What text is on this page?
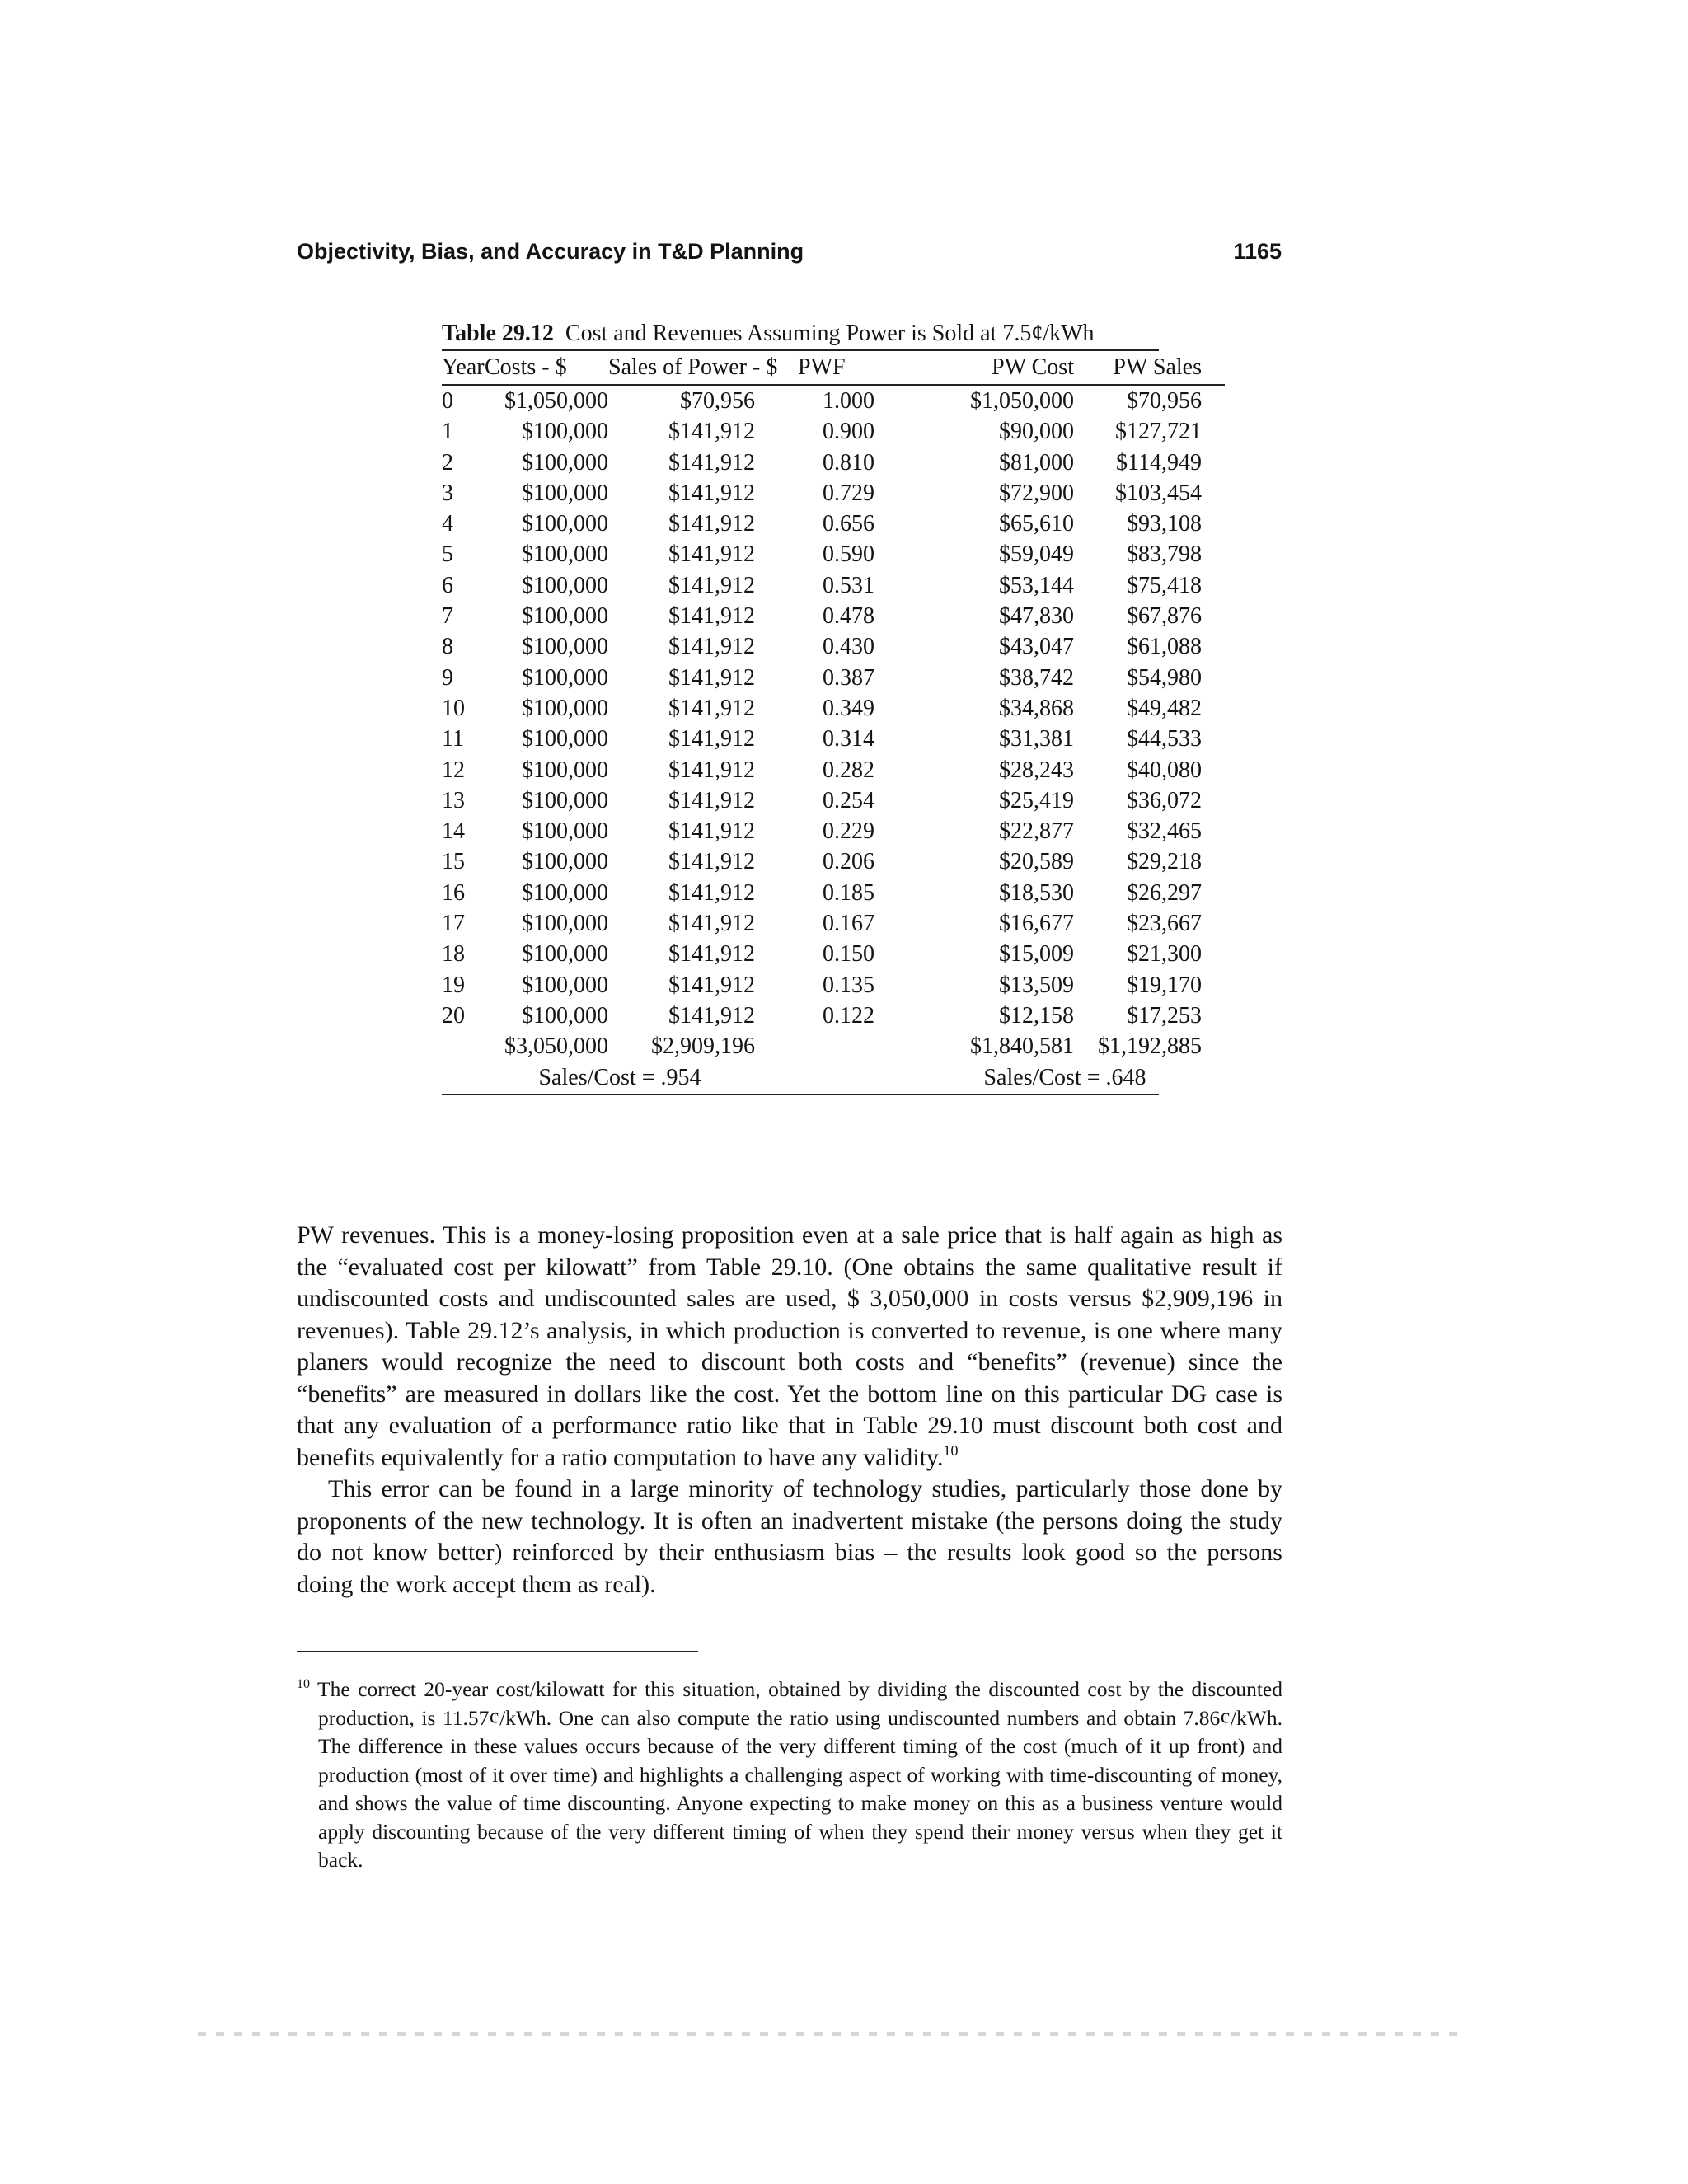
Objectivity, Bias, and Accuracy in T&D Planning	1165
Table 29.12 Cost and Revenues Assuming Power is Sold at 7.5¢/kWh
Year	Costs - $	Sales of Power - $	PWF	PW Cost	PW Sales

0	$1,050,000	$70,956	1.000	$1,050,000	$70,956
1	$100,000	$141,912	0.900	$90,000	$127,721
2	$100,000	$141,912	0.810	$81,000	$114,949
3	$100,000	$141,912	0.729	$72,900	$103,454
4	$100,000	$141,912	0.656	$65,610	$93,108
5	$100,000	$141,912	0.590	$59,049	$83,798
6	$100,000	$141,912	0.531	$53,144	$75,418
7	$100,000	$141,912	0.478	$47,830	$67,876
8	$100,000	$141,912	0.430	$43,047	$61,088
9	$100,000	$141,912	0.387	$38,742	$54,980
10	$100,000	$141,912	0.349	$34,868	$49,482
11	$100,000	$141,912	0.314	$31,381	$44,533
12	$100,000	$141,912	0.282	$28,243	$40,080
13	$100,000	$141,912	0.254	$25,419	$36,072
14	$100,000	$141,912	0.229	$22,877	$32,465
15	$100,000	$141,912	0.206	$20,589	$29,218
16	$100,000	$141,912	0.185	$18,530	$26,297
17	$100,000	$141,912	0.167	$16,677	$23,667
18	$100,000	$141,912	0.150	$15,009	$21,300
19	$100,000	$141,912	0.135	$13,509	$19,170
20	$100,000	$141,912	0.122	$12,158	$17,253
	$3,050,000	$2,909,196		$1,840,581	$1,192,885
	Sales/Cost = .954			Sales/Cost = .648	

PW revenues. This is a money-losing proposition even at a sale price that is half again as high as the “evaluated cost per kilowatt” from Table 29.10. (One obtains the same qualitative result if undiscounted costs and undiscounted sales are used, $ 3,050,000 in costs versus $2,909,196 in revenues). Table 29.12’s analysis, in which production is converted to revenue, is one where many planers would recognize the need to discount both costs and “benefits” (revenue) since the “benefits” are measured in dollars like the cost. Yet the bottom line on this particular DG case is that any evaluation of a performance ratio like that in Table 29.10 must discount both cost and benefits equivalently for a ratio computation to have any validity.$^{10}$

This error can be found in a large minority of technology studies, particularly those done by proponents of the new technology. It is often an inadvertent mistake (the persons doing the study do not know better) reinforced by their enthusiasm bias – the results look good so the persons doing the work accept them as real).

$^{10}$ The correct 20-year cost/kilowatt for this situation, obtained by dividing the discounted cost by the discounted production, is 11.57¢/kWh. One can also compute the ratio using undiscounted numbers and obtain 7.86¢/kWh. The difference in these values occurs because of the very different timing of the cost (much of it up front) and production (most of it over time) and highlights a challenging aspect of working with time-discounting of money, and shows the value of time discounting. Anyone expecting to make money on this as a business venture would apply discounting because of the very different timing of when they spend their money versus when they get it back.
